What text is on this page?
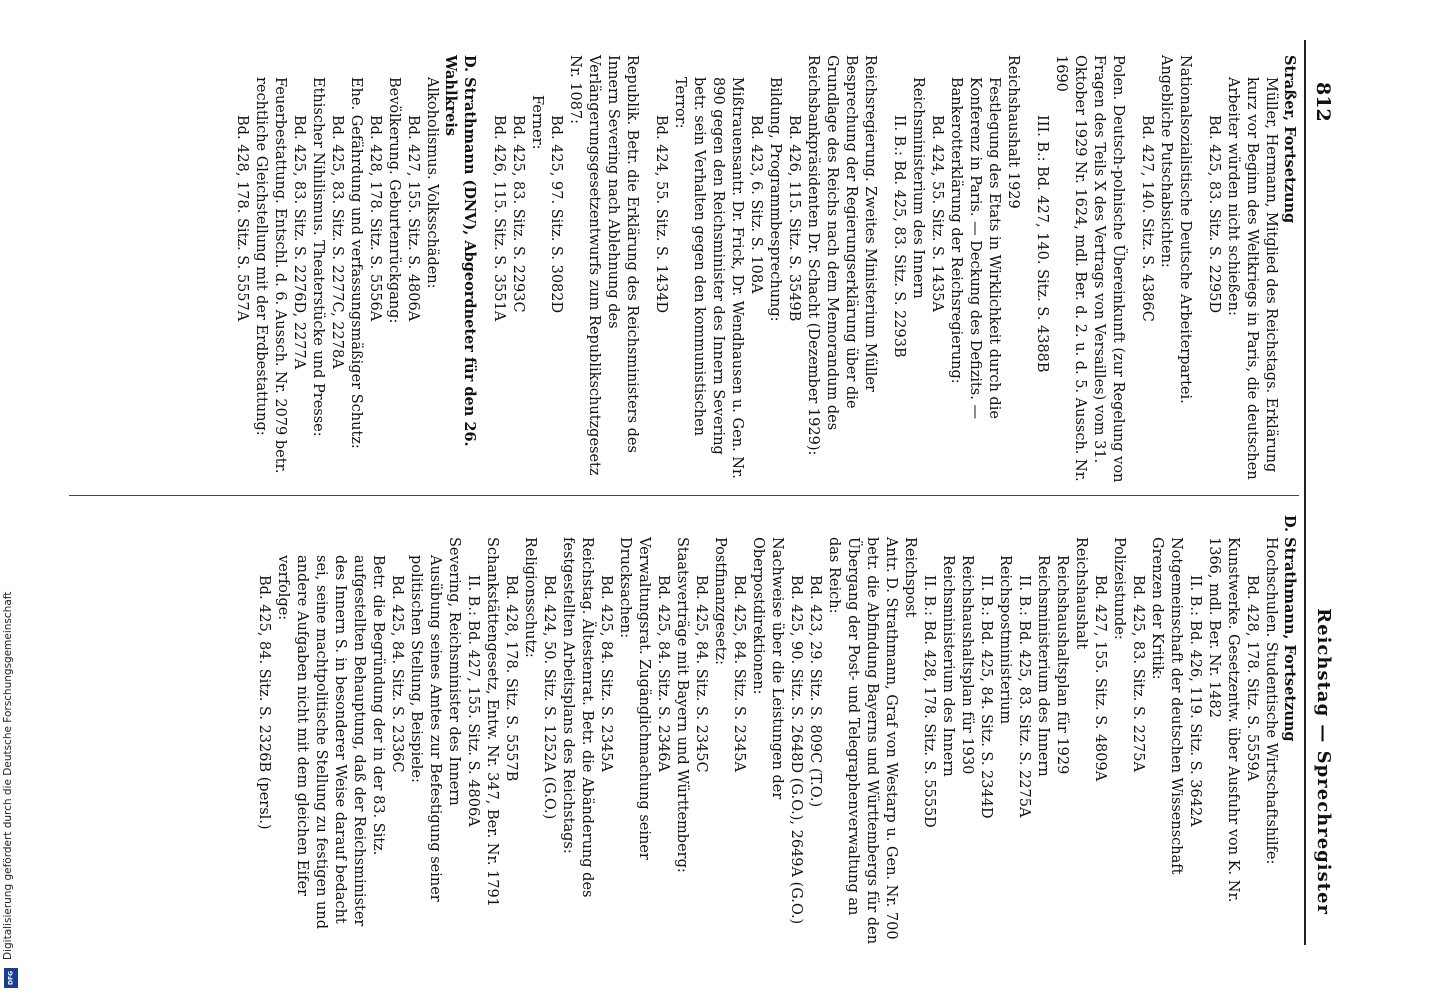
812
Reichstag — Sprechregister

Straßer, Fortsetzung

Müller, Hermann, Mitglied des Reichstags. Erklärung kurz vor Beginn des Weltkriegs in Paris, die deutschen Arbeiter würden nicht schießen:

Bd. 425, 83. Sitz. S. 2295D

Nationalsozialistische Deutsche Arbeiterpartei. Angebliche Putschabsichten:

Bd. 427, 140. Sitz. S. 4386C

Polen. Deutsch-polnische Übereinkunft (zur Regelung von Fragen des Teils X des Vertrags von Versailles) vom 31. Oktober 1929 Nr. 1624, mdl. Ber. d. 2. u. d. 5. Aussch. Nr. 1690

III. B.: Bd. 427, 140. Sitz. S. 4388B

Reichshaushalt 1929

Festlegung des Etats in Wirklichkeit durch die Konferenz in Paris. — Deckung des Defizits. — Bankerotterklärung der Reichsregierung:

Bd. 424, 55. Sitz. S. 1435A

Reichsministerium des Innern

II. B.: Bd. 425, 83. Sitz. S. 2293B

Reichsregierung. Zweites Ministerium Müller Besprechung der Regierungserklärung über die Grundlage des Reichs nach dem Memorandum des Reichsbankpräsidenten Dr. Schacht (Dezember 1929):

Bd. 426, 115. Sitz. S. 3549B

Bildung, Programmbesprechung:

Bd. 423, 6. Sitz. S. 108A

Mißtrauensantr. Dr. Frick, Dr. Wendhausen u. Gen. Nr. 890 gegen den Reichsminister des Innern Severing betr. sein Verhalten gegen den kommunistischen Terror:

Bd. 424, 55. Sitz. S. 1434D

Republik. Betr. die Erklärung des Reichsministers des Innern Severing nach Ablehnung des Verlängerungsgesetzentwurfs zum Republikschutzgesetz Nr. 1087:

Bd. 425, 97. Sitz. S. 3082D

Ferner:

Bd. 425, 83. Sitz. S. 2293C

Bd. 426, 115. Sitz. S. 3551A

D. Strathmann (DNV), Abgeordneter für den 26. Wahlkreis

Alkoholismus. Volksschäden:

Bd. 427, 155. Sitz. S. 4806A

Bevölkerung. Geburtenrückgang:

Bd. 428, 178. Sitz. S. 5556A

Ehe. Gefährdung und verfassungsmäßiger Schutz:

Bd. 425, 83. Sitz. S. 2277C, 2278A

Ethischer Nihilismus. Theaterstücke und Presse:

Bd. 425, 83. Sitz. S. 2276D, 2277A

Feuerbestattung. Entschl. d. 6. Aussch. Nr. 2079 betr. rechtliche Gleichstellung mit der Erdbestattung:

Bd. 428, 178. Sitz. S. 5557A

D. Strathmann, Fortsetzung

Hochschulen. Studentische Wirtschaftshilfe:

Bd. 428, 178. Sitz. S. 5559A

Kunstwerke. Gesetzentw. über Ausfuhr von K. Nr. 1366, mdl. Ber. Nr. 1482

II. B.: Bd. 426, 119. Sitz. S. 3642A

Notgemeinschaft der deutschen Wissenschaft

Grenzen der Kritik:

Bd. 425, 83. Sitz. S. 2275A

Polizeistunde:

Bd. 427, 155. Sitz. S. 4809A

Reichshaushalt

Reichshaushaltsplan für 1929

Reichsministerium des Innern

II. B.: Bd. 425, 83. Sitz. S. 2275A

Reichspostministerium

II. B.: Bd. 425, 84. Sitz. S. 2344D

Reichshaushaltsplan für 1930

Reichsministerium des Innern

II. B.: Bd. 428, 178. Sitz. S. 5555D

Reichspost

Antr. D. Strathmann, Graf von Westarp u. Gen. Nr. 700 betr. die Abfindung Bayerns und Württembergs für den Übergang der Post- und Telegraphenverwaltung an das Reich:

Bd. 423, 29. Sitz. S. 809C (T.O.)

Bd. 425, 90. Sitz. S. 2648D (G.O.), 2649A (G.O.)

Nachweise über die Leistungen der Oberpostdirektionen:

Bd. 425, 84. Sitz. S. 2345A

Postfinanzgesetz:

Bd. 425, 84. Sitz. S. 2345C

Staatsverträge mit Bayern und Württemberg:

Bd. 425, 84. Sitz. S. 2346A

Verwaltungsrat. Zugänglichmachung seiner Drucksachen:

Bd. 425, 84. Sitz. S. 2345A

Reichstag. Ältestenrat. Betr. die Abänderung des festgestellten Arbeitsplans des Reichstags:

Bd. 424, 50. Sitz. S. 1252A (G.O.)

Religionsschutz:

Bd. 428, 178. Sitz. S. 5557B

Schankstättengesetz, Entw. Nr. 347, Ber. Nr. 1791

II. B.: Bd. 427, 155. Sitz. S. 4806A

Severing, Reichsminister des Innern

Ausübung seines Amtes zur Befestigung seiner politischen Stellung, Beispiele:

Bd. 425, 84. Sitz. S. 2336C

Betr. die Begründung der in der 83. Sitz. aufgestellten Behauptung, daß der Reichsminister des Innern S. in besonderer Weise darauf bedacht sei, seine machtpolitische Stellung zu festigen und andere Aufgaben nicht mit dem gleichen Eifer verfolge:

Bd. 425, 84. Sitz. S. 2326B (persl.)

Digitalisierung gefördert durch die Deutsche Forschungsgemeinschaft
DFG
